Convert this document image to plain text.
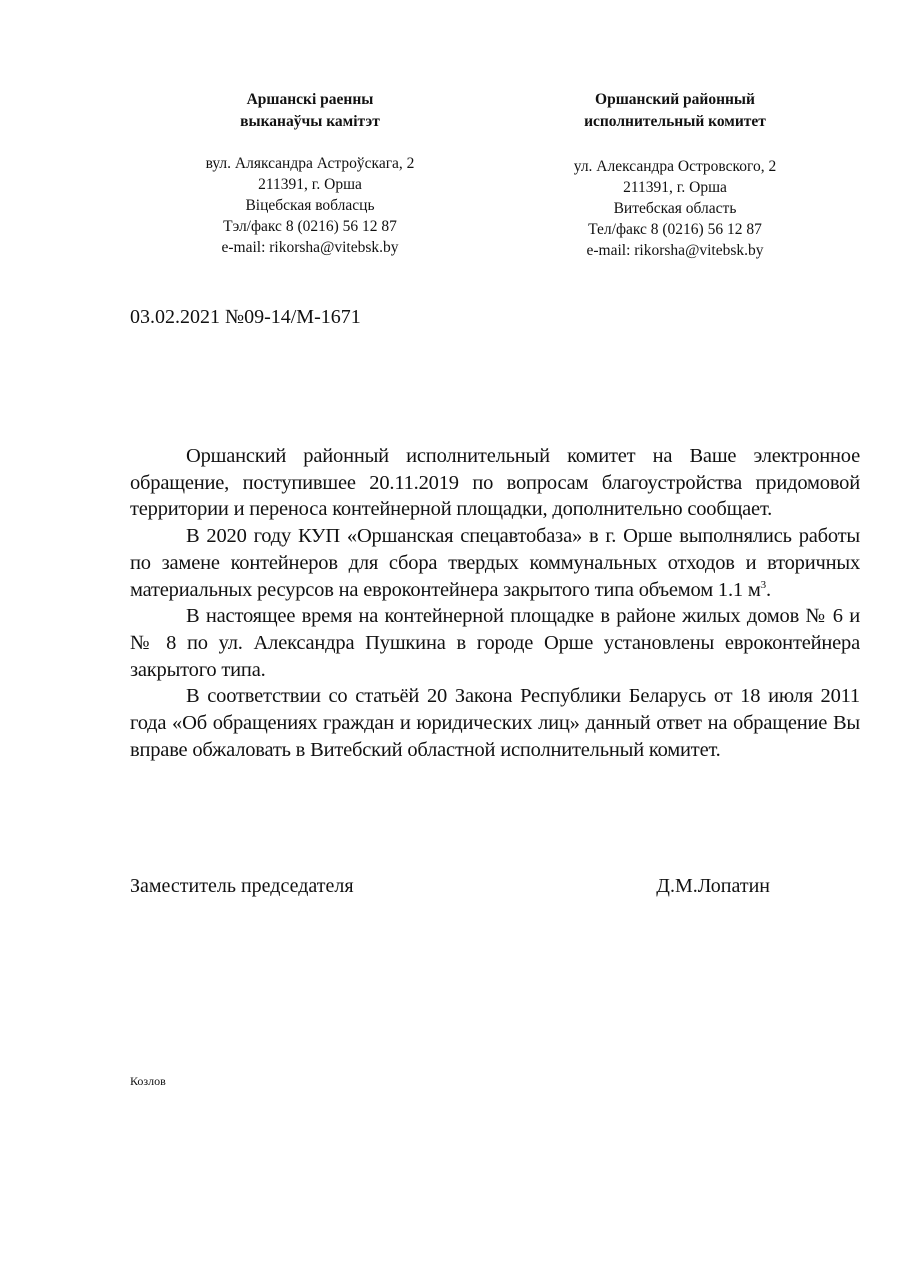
Аршанскі раенны
выканаўчы камітэт
вул. Аляксандра Астроўскага, 2
211391, г. Орша
Віцебская вобласць
Тэл/факс 8 (0216) 56 12 87
e-mail: rikorsha@vitebsk.by
Оршанский районный
исполнительный комитет
ул. Александра Островского, 2
211391, г. Орша
Витебская область
Тел/факс 8 (0216) 56 12 87
e-mail: rikorsha@vitebsk.by
03.02.2021 №09-14/М-1671

Оршанский районный исполнительный комитет на Ваше электронное обращение, поступившее 20.11.2019 по вопросам благоустройства придомовой территории и переноса контейнерной площадки, дополнительно сообщает.

В 2020 году КУП «Оршанская спецавтобаза» в г. Орше выполнялись работы по замене контейнеров для сбора твердых коммунальных отходов и вторичных материальных ресурсов на евроконтейнера закрытого типа объемом 1.1 $м^3$.

В настоящее время на контейнерной площадке в районе жилых домов № 6 и № 8 по ул. Александра Пушкина в городе Орше установлены евроконтейнера закрытого типа.

В соответствии со статьёй 20 Закона Республики Беларусь от 18 июля 2011 года «Об обращениях граждан и юридических лиц» данный ответ на обращение Вы вправе обжаловать в Витебский областной исполнительный комитет.

Заместитель председателя	Д.М.Лопатин
Козлов
